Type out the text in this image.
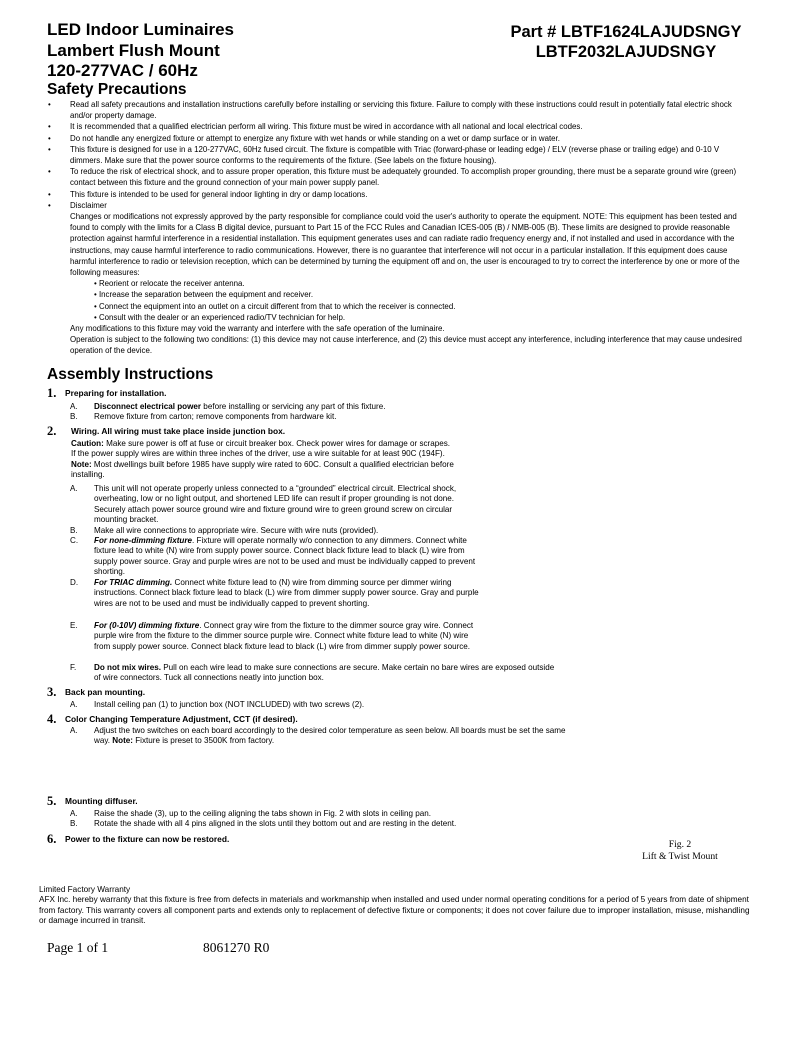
LED Indoor Luminaires
Lambert Flush Mount
120-277VAC / 60Hz
Part # LBTF1624LAJUDSNGY
LBTF2032LAJUDSNGY
Safety Precautions
• Read all safety precautions and installation instructions carefully before installing or servicing this fixture. Failure to comply with these instructions could result in potentially fatal electric shock and/or property damage.
• It is recommended that a qualified electrician perform all wiring. This fixture must be wired in accordance with all national and local electrical codes.
• Do not handle any energized fixture or attempt to energize any fixture with wet hands or while standing on a wet or damp surface or in water.
• This fixture is designed for use in a 120-277VAC, 60Hz fused circuit. The fixture is compatible with Triac (forward-phase or leading edge) / ELV (reverse phase or trailing edge) and 0-10 V dimmers. Make sure that the power source conforms to the requirements of the fixture. (See labels on the fixture housing).
• To reduce the risk of electrical shock, and to assure proper operation, this fixture must be adequately grounded. To accomplish proper grounding, there must be a separate ground wire (green) contact between this fixture and the ground connection of your main power supply panel.
• This fixture is intended to be used for general indoor lighting in dry or damp locations.
• Disclaimer
Changes or modifications not expressly approved by the party responsible for compliance could void the user's authority to operate the equipment. NOTE: This equipment has been tested and found to comply with the limits for a Class B digital device, pursuant to Part 15 of the FCC Rules and Canadian ICES-005 (B) / NMB-005 (B). These limits are designed to provide reasonable protection against harmful interference in a residential installation. This equipment generates uses and can radiate radio frequency energy and, if not installed and used in accordance with the instructions, may cause harmful interference to radio communications. However, there is no guarantee that interference will not occur in a particular installation. If this equipment does cause harmful interference to radio or television reception, which can be determined by turning the equipment off and on, the user is encouraged to try to correct the interference by one or more of the following measures:
• Reorient or relocate the receiver antenna.
• Increase the separation between the equipment and receiver.
• Connect the equipment into an outlet on a circuit different from that to which the receiver is connected.
• Consult with the dealer or an experienced radio/TV technician for help.
Any modifications to this fixture may void the warranty and interfere with the safe operation of the luminaire.
Operation is subject to the following two conditions: (1) this device may not cause interference, and (2) this device must accept any interference, including interference that may cause undesired operation of the device.
Assembly Instructions
1. Preparing for installation.
A. Disconnect electrical power before installing or servicing any part of this fixture.
B. Remove fixture from carton; remove components from hardware kit.
2. Wiring. All wiring must take place inside junction box.
Caution: Make sure power is off at fuse or circuit breaker box. Check power wires for damage or scrapes. If the power supply wires are within three inches of the driver, use a wire suitable for at least 90C (194F). Note: Most dwellings built before 1985 have supply wire rated to 60C. Consult a qualified electrician before installing.
A. This unit will not operate properly unless connected to a “grounded” electrical circuit. Electrical shock, overheating, low or no light output, and shortened LED life can result if proper grounding is not done. Securely attach power source ground wire and fixture ground wire to green ground screw on circular mounting bracket.
B. Make all wire connections to appropriate wire. Secure with wire nuts (provided).
C. For none-dimming fixture. Fixture will operate normally w/o connection to any dimmers. Connect white fixture lead to white (N) wire from supply power source. Connect black fixture lead to black (L) wire from supply power source. Gray and purple wires are not to be used and must be individually capped to prevent shorting.
D. For TRIAC dimming. Connect white fixture lead to (N) wire from dimming source per dimmer wiring instructions. Connect black fixture lead to black (L) wire from dimmer supply power source. Gray and purple wires are not to be used and must be individually capped to prevent shorting.
E. For (0-10V) dimming fixture. Connect gray wire from the fixture to the dimmer source gray wire. Connect purple wire from the fixture to the dimmer source purple wire. Connect white fixture lead to white (N) wire from supply power source. Connect black fixture lead to black (L) wire from dimmer supply power source.
F. Do not mix wires. Pull on each wire lead to make sure connections are secure. Make certain no bare wires are exposed outside of wire connectors. Tuck all connections neatly into junction box.
3. Back pan mounting.
A. Install ceiling pan (1) to junction box (NOT INCLUDED) with two screws (2).
4. Color Changing Temperature Adjustment, CCT (if desired).
A. Adjust the two switches on each board accordingly to the desired color temperature as seen below. All boards must be set the same way. Note: Fixture is preset to 3500K from factory.
5. Mounting diffuser.
A. Raise the shade (3), up to the ceiling aligning the tabs shown in Fig. 2 with slots in ceiling pan.
B. Rotate the shade with all 4 pins aligned in the slots until they bottom out and are resting in the detent.
6. Power to the fixture can now be restored.	Fig. 2
Lift & Twist Mount
Limited Factory Warranty
AFX Inc. hereby warranty that this fixture is free from defects in materials and workmanship when installed and used under normal operating conditions for a period of 5 years from date of shipment from factory. This warranty covers all component parts and extends only to replacement of defective fixture or components; it does not cover failure due to improper installation, misuse, mishandling or damage incurred in transit.
Page 1 of 1	8061270 R0
